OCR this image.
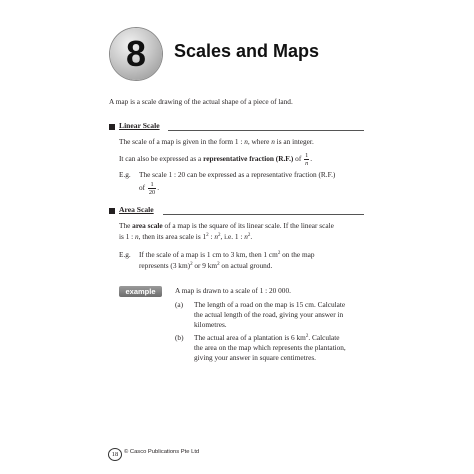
8 Scales and Maps
A map is a scale drawing of the actual shape of a piece of land.
Linear Scale
The scale of a map is given in the form 1 : n, where n is an integer.
It can also be expressed as a representative fraction (R.F.) of $\frac{1}{n}$ .
E.g. The scale 1 : 20 can be expressed as a representative fraction (R.F.)
of $\frac{1}{20}$ .
Area Scale
The area scale of a map is the square of its linear scale. If the linear scale
is 1 : n, then its area scale is $1^2$ : $n^2$, i.e. 1 : $n^2$.
E.g. If the scale of a map is 1 cm to 3 km, then 1 $cm^2$ on the map
represents (3 km)$^2$ or 9 $km^2$ on actual ground.
example	A map is drawn to a scale of 1 : 20 000.
(a) The length of a road on the map is 15 cm. Calculate
the actual length of the road, giving your answer in
kilometres.
(b) The actual area of a plantation is 6 $km^2$. Calculate
the area on the map which represents the plantation,
giving your answer in square centimetres.
18 © Casco Publications Pte Ltd
